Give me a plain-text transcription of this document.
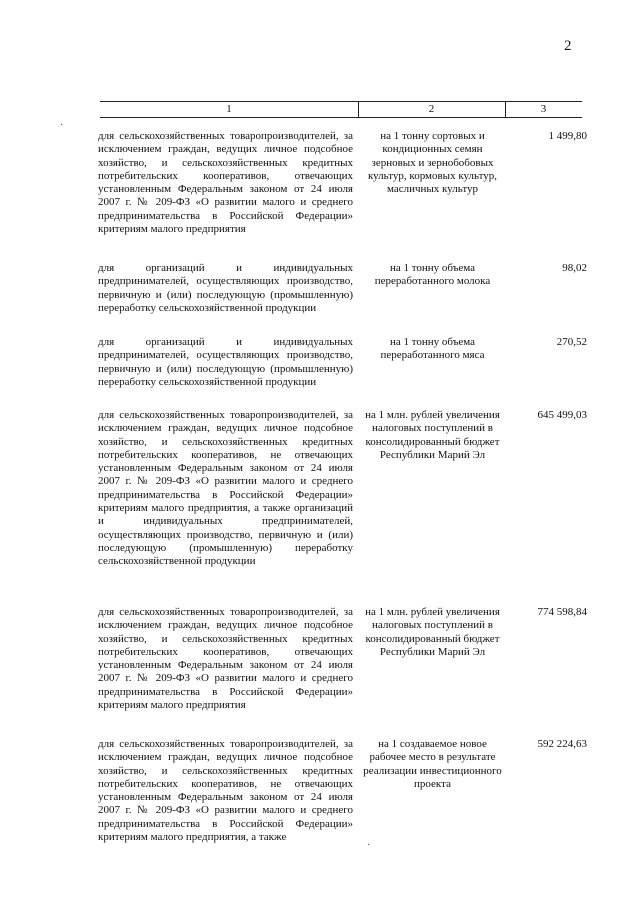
2
1	2	3
·
для сельскохозяйственных товаропроизводителей, за исключением граждан, ведущих личное подсобное хозяйство, и сельскохозяйственных кредитных потребительских кооперативов, отвечающих установленным Федеральным законом от 24 июля 2007 г. № 209-ФЗ «О развитии малого и среднего предпринимательства в Российской Федерации» критериям малого предприятия
на 1 тонну сортовых и кондиционных семян зерновых и зернобобовых культур, кормовых культур, масличных культур
1 499,80
для организаций и индивидуальных предпринимателей, осуществляющих производство, первичную и (или) последующую (промышленную) переработку сельскохозяйственной продукции
на 1 тонну объема переработанного молока
98,02
для организаций и индивидуальных предпринимателей, осуществляющих производство, первичную и (или) последующую (промышленную) переработку сельскохозяйственной продукции
на 1 тонну объема переработанного мяса
270,52
для сельскохозяйственных товаропроизводителей, за исключением граждан, ведущих личное подсобное хозяйство, и сельскохозяйственных кредитных потребительских кооперативов, не отвечающих установленным Федеральным законом от 24 июля 2007 г. № 209-ФЗ «О развитии малого и среднего предпринимательства в Российской Федерации» критериям малого предприятия, а также организаций и индивидуальных предпринимателей, осуществляющих производство, первичную и (или) последующую (промышленную) переработку сельскохозяйственной продукции
на 1 млн. рублей увеличения налоговых поступлений в консолидированный бюджет Республики Марий Эл
645 499,03
для сельскохозяйственных товаропроизводителей, за исключением граждан, ведущих личное подсобное хозяйство, и сельскохозяйственных кредитных потребительских кооперативов, отвечающих установленным Федеральным законом от 24 июля 2007 г. № 209-ФЗ «О развитии малого и среднего предпринимательства в Российской Федерации» критериям малого предприятия
на 1 млн. рублей увеличения налоговых поступлений в консолидированный бюджет Республики Марий Эл
774 598,84
для сельскохозяйственных товаропроизводителей, за исключением граждан, ведущих личное подсобное хозяйство, и сельскохозяйственных кредитных потребительских кооперативов, не отвечающих установленным Федеральным законом от 24 июля 2007 г. № 209-ФЗ «О развитии малого и среднего предпринимательства в Российской Федерации» критериям малого предприятия, а также
на 1 создаваемое новое рабочее место в результате реализации инвестиционного проекта
592 224,63
·
